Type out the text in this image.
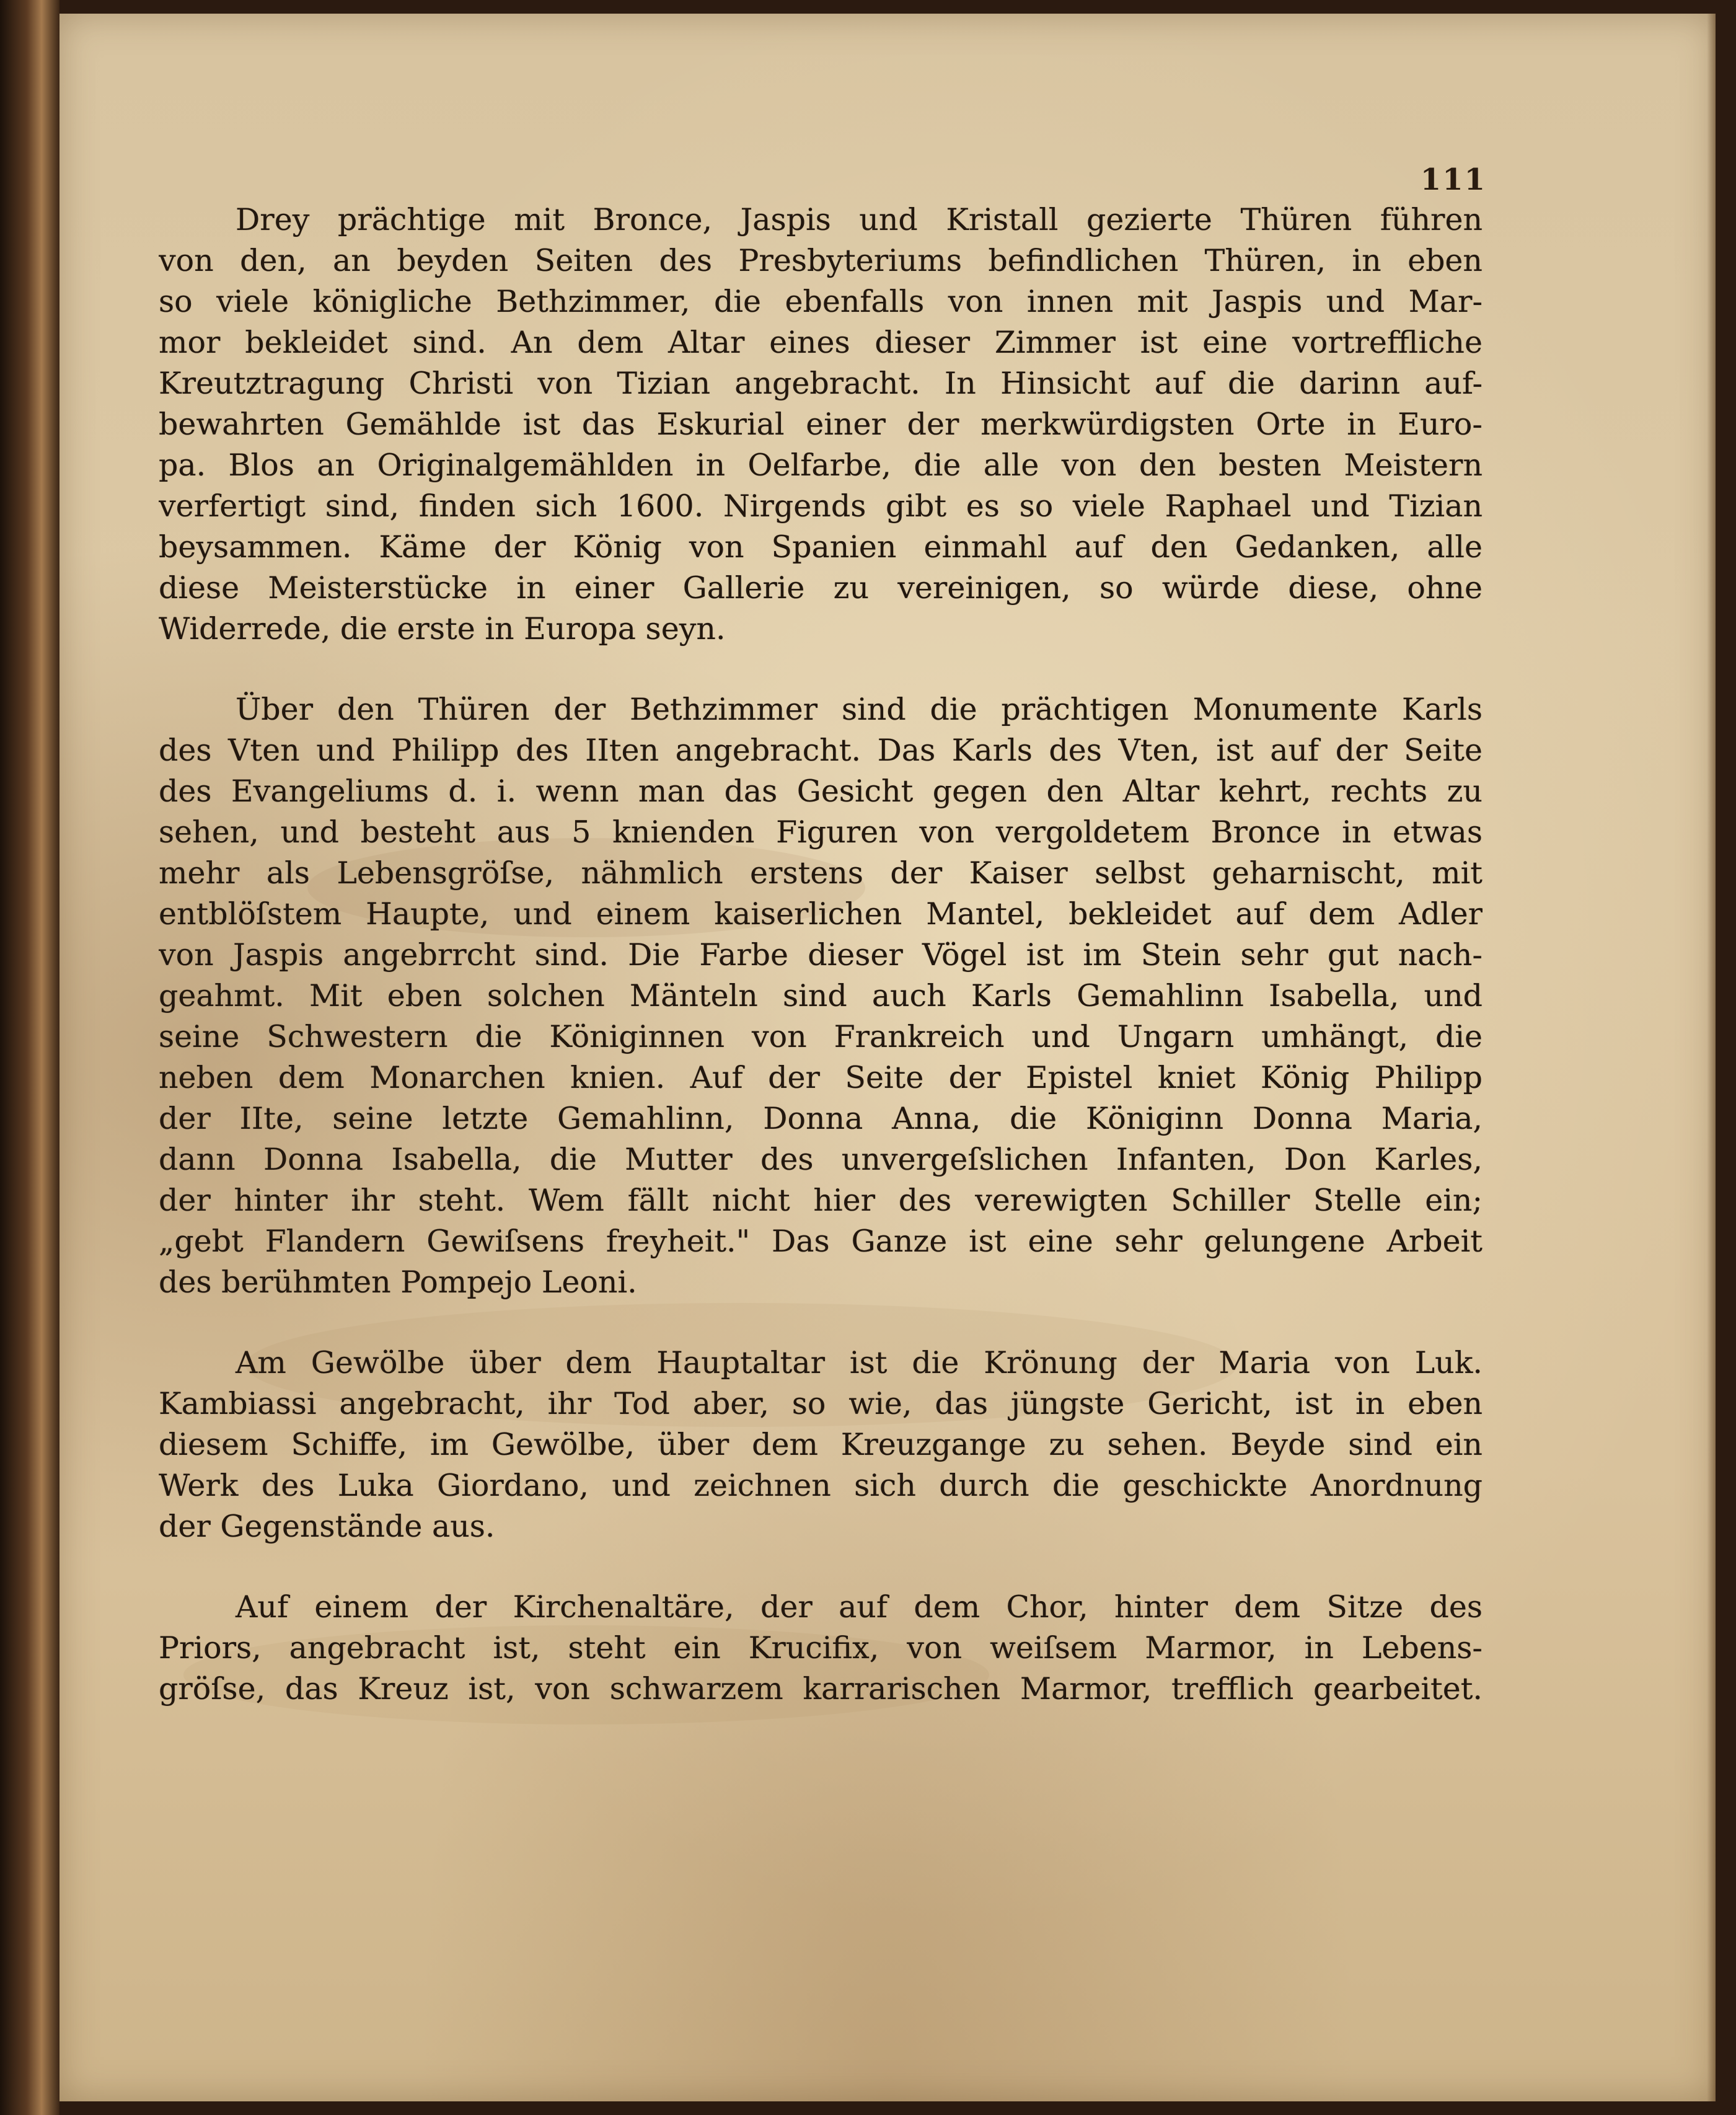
111
Drey prächtige mit Bronce, Jaspis und Kristall gezierte Thüren führen
von den, an beyden Seiten des Presbyteriums befindlichen Thüren, in eben
so viele königliche Bethzimmer, die ebenfalls von innen mit Jaspis und Mar-
mor bekleidet sind. An dem Altar eines dieser Zimmer ist eine vortreffliche
Kreutztragung Christi von Tizian angebracht. In Hinsicht auf die darinn auf-
bewahrten Gemählde ist das Eskurial einer der merkwürdigsten Orte in Euro-
pa. Blos an Originalgemählden in Oelfarbe, die alle von den besten Meistern
verfertigt sind, finden sich 1600. Nirgends gibt es so viele Raphael und Tizian
beysammen. Käme der König von Spanien einmahl auf den Gedanken, alle
diese Meisterstücke in einer Gallerie zu vereinigen, so würde diese, ohne
Widerrede, die erste in Europa seyn.
Über den Thüren der Bethzimmer sind die prächtigen Monumente Karls
des Vten und Philipp des IIten angebracht. Das Karls des Vten, ist auf der Seite
des Evangeliums d. i. wenn man das Gesicht gegen den Altar kehrt, rechts zu
sehen, und besteht aus 5 knienden Figuren von vergoldetem Bronce in etwas
mehr als Lebensgröſse, nähmlich erstens der Kaiser selbst geharnischt, mit
entblöſstem Haupte, und einem kaiserlichen Mantel, bekleidet auf dem Adler
von Jaspis angebrrcht sind. Die Farbe dieser Vögel ist im Stein sehr gut nach-
geahmt. Mit eben solchen Mänteln sind auch Karls Gemahlinn Isabella, und
seine Schwestern die Königinnen von Frankreich und Ungarn umhängt, die
neben dem Monarchen knien. Auf der Seite der Epistel kniet König Philipp
der IIte, seine letzte Gemahlinn, Donna Anna, die Königinn Donna Maria,
dann Donna Isabella, die Mutter des unvergeſslichen Infanten, Don Karles,
der hinter ihr steht. Wem fällt nicht hier des verewigten Schiller Stelle ein;
„gebt Flandern Gewiſsens freyheit." Das Ganze ist eine sehr gelungene Arbeit
des berühmten Pompejo Leoni.
Am Gewölbe über dem Hauptaltar ist die Krönung der Maria von Luk.
Kambiassi angebracht, ihr Tod aber, so wie, das jüngste Gericht, ist in eben
diesem Schiffe, im Gewölbe, über dem Kreuzgange zu sehen. Beyde sind ein
Werk des Luka Giordano, und zeichnen sich durch die geschickte Anordnung
der Gegenstände aus.
Auf einem der Kirchenaltäre, der auf dem Chor, hinter dem Sitze des
Priors, angebracht ist, steht ein Krucifix, von weiſsem Marmor, in Lebens-
gröſse, das Kreuz ist, von schwarzem karrarischen Marmor, trefflich gearbeitet.
